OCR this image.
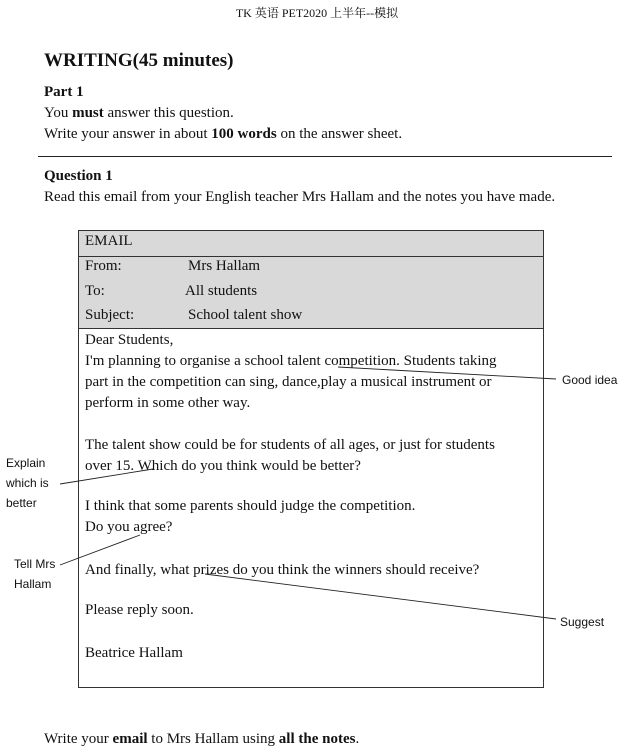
TK 英语 PET2020 上半年--模拟
WRITING(45 minutes)
Part 1
You must answer this question.
Write your answer in about 100 words on the answer sheet.
Question 1
Read this email from your English teacher Mrs Hallam and the notes you have made.
EMAIL
From:	Mrs Hallam
To:	All students
Subject:	School talent show
Dear Students,
I'm planning to organise a school talent competition. Students taking
part in the competition can sing, dance,play a musical instrument or
perform in some other way.
The talent show could be for students of all ages, or just for students
over 15. Which do you think would be better?
I think that some parents should judge the competition.
Do you agree?
And finally, what prizes do you think the winners should receive?
Please reply soon.
Beatrice Hallam
Good idea
Explain
which is
better
Tell Mrs
Hallam
Suggest
Write your email to Mrs Hallam using all the notes.
